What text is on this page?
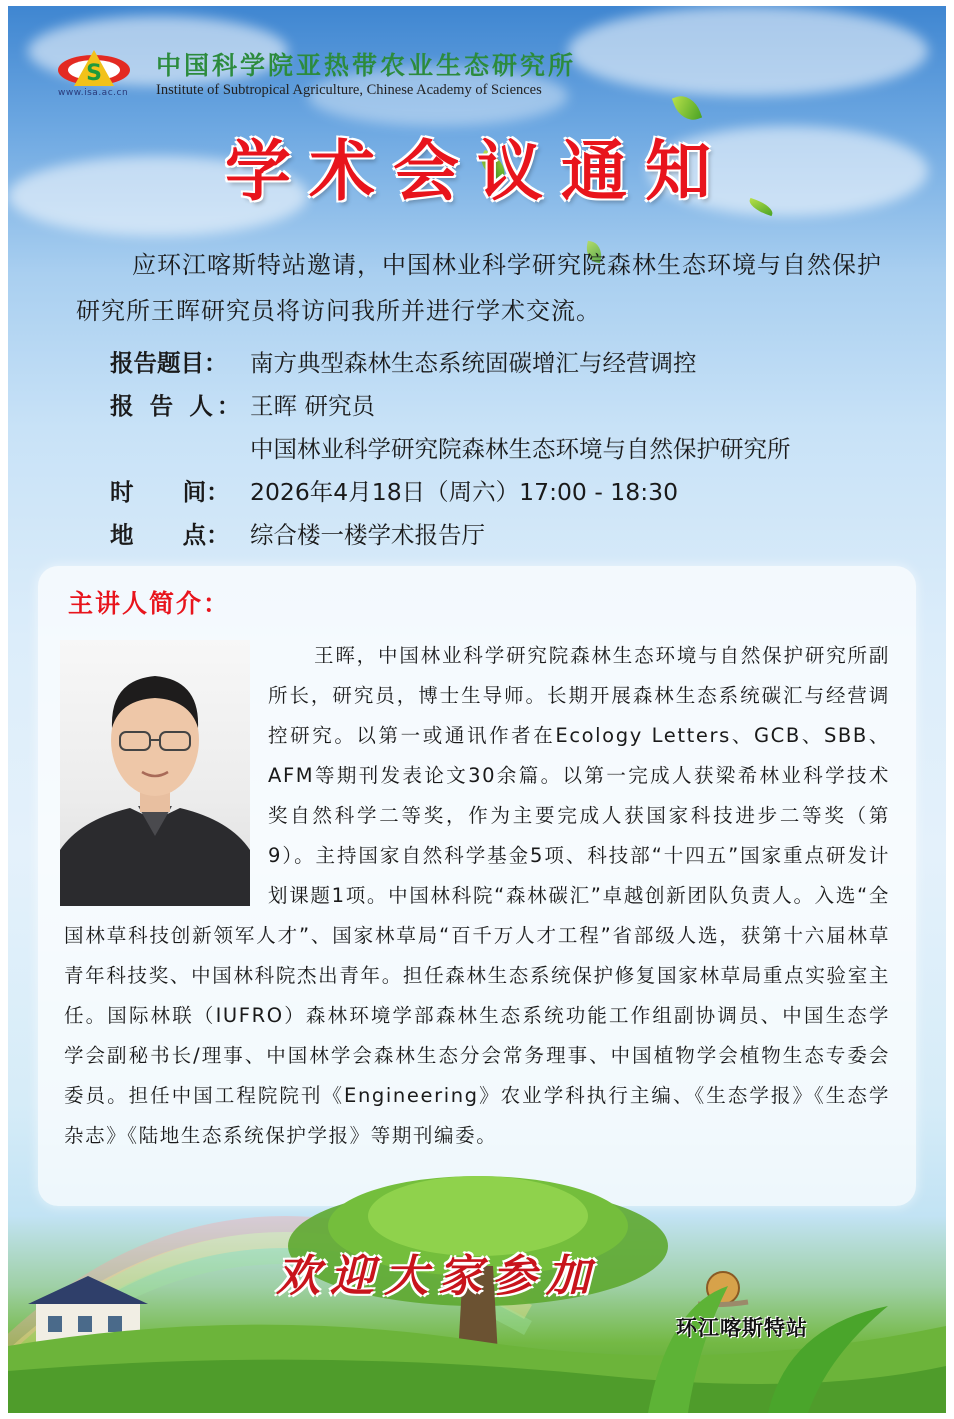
S
www.isa.ac.cn
中国科学院亚热带农业生态研究所
Institute of Subtropical Agriculture, Chinese Academy of Sciences
学术会议通知

应环江喀斯特站邀请，中国林业科学研究院森林生态环境与自然保护研究所王晖研究员将访问我所并进行学术交流。

报告题目： 南方典型森林生态系统固碳增汇与经营调控
报 告 人： 王晖 研究员
中国林业科学研究院森林生态环境与自然保护研究所
时      间： 2026年4月18日（周六）17:00 - 18:30
地      点： 综合楼一楼学术报告厅
主讲人简介：

王晖，中国林业科学研究院森林生态环境与自然保护研究所副所长，研究员，博士生导师。长期开展森林生态系统碳汇与经营调控研究。以第一或通讯作者在Ecology Letters、GCB、SBB、AFM等期刊发表论文30余篇。以第一完成人获梁希林业科学技术奖自然科学二等奖，作为主要完成人获国家科技进步二等奖（第9）。主持国家自然科学基金5项、科技部“十四五”国家重点研发计划课题1项。中国林科院“森林碳汇”卓越创新团队负责人。入选“全国林草科技创新领军人才”、国家林草局“百千万人才工程”省部级人选，获第十六届林草青年科技奖、中国林科院杰出青年。担任森林生态系统保护修复国家林草局重点实验室主任。国际林联（IUFRO）森林环境学部森林生态系统功能工作组副协调员、中国生态学学会副秘书长/理事、中国林学会森林生态分会常务理事、中国植物学会植物生态专委会委员。担任中国工程院院刊《Engineering》农业学科执行主编、《生态学报》《生态学杂志》《陆地生态系统保护学报》等期刊编委。

欢迎大家参加
环江喀斯特站
